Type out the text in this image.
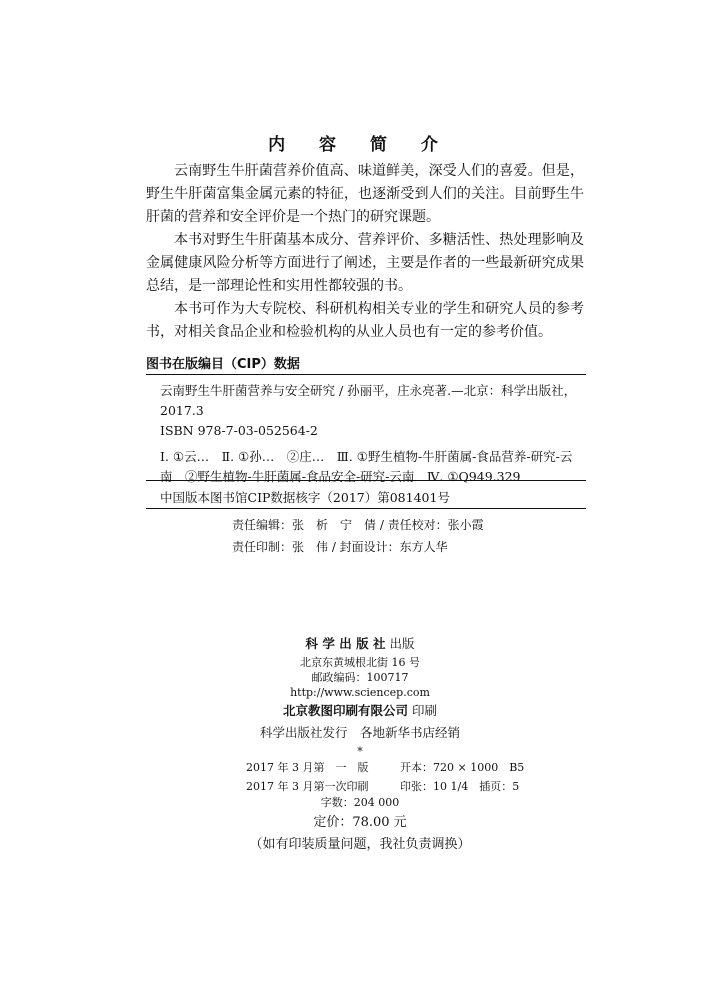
内 容 简 介

云南野生牛肝菌营养价值高、味道鲜美，深受人们的喜爱。但是，野生牛肝菌富集金属元素的特征，也逐渐受到人们的关注。目前野生牛肝菌的营养和安全评价是一个热门的研究课题。

本书对野生牛肝菌基本成分、营养评价、多糖活性、热处理影响及金属健康风险分析等方面进行了阐述，主要是作者的一些最新研究成果总结，是一部理论性和实用性都较强的书。

本书可作为大专院校、科研机构相关专业的学生和研究人员的参考书，对相关食品企业和检验机构的从业人员也有一定的参考价值。

图书在版编目（CIP）数据
云南野生牛肝菌营养与安全研究 / 孙丽平，庄永亮著.—北京：科学出版社，2017.3
ISBN 978-7-03-052564-2
Ⅰ. ①云…　Ⅱ. ①孙…　②庄…　Ⅲ. ①野生植物-牛肝菌属-食品营养-研究-云南　②野生植物-牛肝菌属-食品安全-研究-云南　Ⅳ. ①Q949.329
中国版本图书馆CIP数据核字（2017）第081401号
责任编辑：张　析　宁　倩 / 责任校对：张小霞
责任印制：张　伟 / 封面设计：东方人华
科 学 出 版 社 出版
北京东黄城根北街 16 号
邮政编码：100717
http://www.sciencep.com
北京教图印刷有限公司 印刷
科学出版社发行　各地新华书店经销
*
2017 年 3 月第　一　版
2017 年 3 月第一次印刷
开本：720 × 1000　B5
印张：10 1/4　插页：5
字数：204 000
定价：78.00 元
（如有印装质量问题，我社负责调换）
